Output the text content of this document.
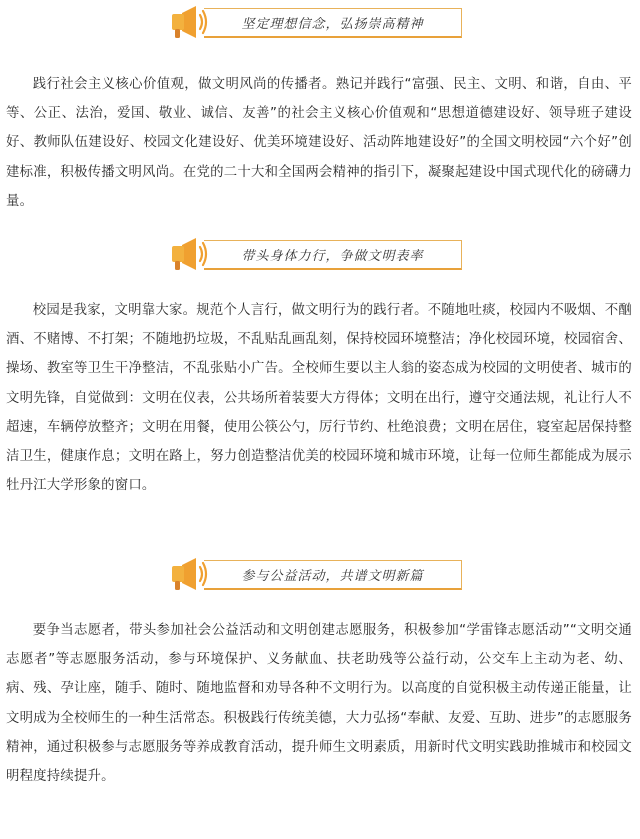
坚定理想信念，弘扬崇高精神

践行社会主义核心价值观，做文明风尚的传播者。熟记并践行“富强、民主、文明、和谐，自由、平等、公正、法治，爱国、敬业、诚信、友善”的社会主义核心价值观和“思想道德建设好、领导班子建设好、教师队伍建设好、校园文化建设好、优美环境建设好、活动阵地建设好”的全国文明校园“六个好”创建标准，积极传播文明风尚。在党的二十大和全国两会精神的指引下，凝聚起建设中国式现代化的磅礴力量。

带头身体力行，争做文明表率

校园是我家，文明靠大家。规范个人言行，做文明行为的践行者。不随地吐痰，校园内不吸烟、不酗酒、不赌博、不打架；不随地扔垃圾，不乱贴乱画乱刻，保持校园环境整洁；净化校园环境，校园宿舍、操场、教室等卫生干净整洁，不乱张贴小广告。全校师生要以主人翁的姿态成为校园的文明使者、城市的文明先锋，自觉做到：文明在仪表，公共场所着装要大方得体；文明在出行，遵守交通法规，礼让行人不超速，车辆停放整齐；文明在用餐，使用公筷公勺，厉行节约、杜绝浪费；文明在居住，寝室起居保持整洁卫生，健康作息；文明在路上，努力创造整洁优美的校园环境和城市环境，让每一位师生都能成为展示牡丹江大学形象的窗口。

参与公益活动，共谱文明新篇

要争当志愿者，带头参加社会公益活动和文明创建志愿服务，积极参加“学雷锋志愿活动”“文明交通志愿者”等志愿服务活动，参与环境保护、义务献血、扶老助残等公益行动，公交车上主动为老、幼、病、残、孕让座，随手、随时、随地监督和劝导各种不文明行为。以高度的自觉积极主动传递正能量，让文明成为全校师生的一种生活常态。积极践行传统美德，大力弘扬“奉献、友爱、互助、进步”的志愿服务精神，通过积极参与志愿服务等养成教育活动，提升师生文明素质，用新时代文明实践助推城市和校园文明程度持续提升。
